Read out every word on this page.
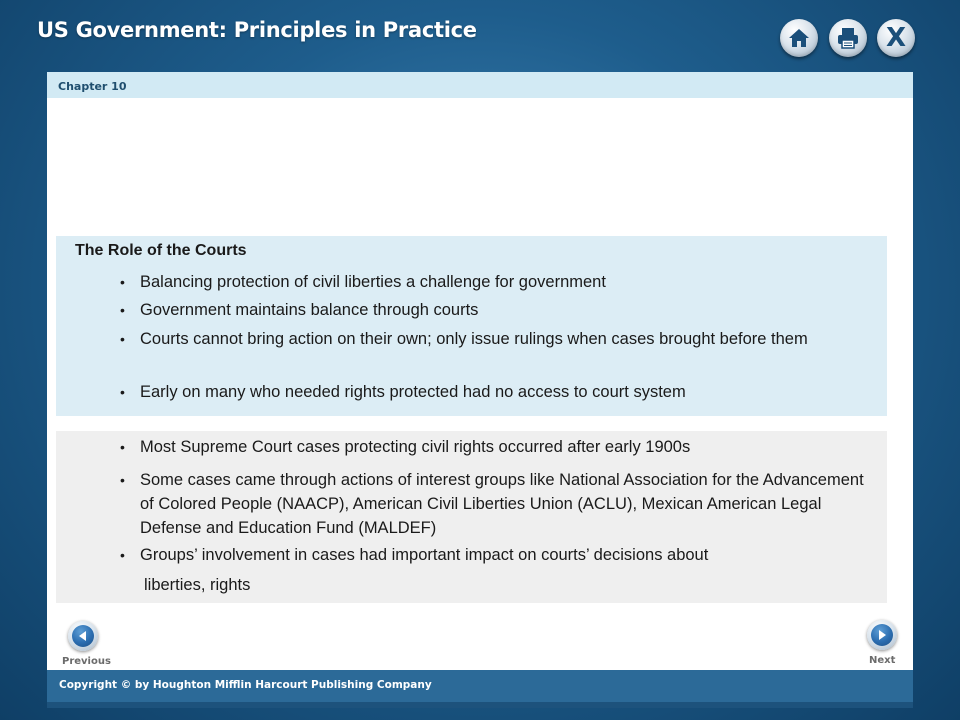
US Government: Principles in Practice	X
Chapter 10
The Role of the Courts
• Balancing protection of civil liberties a challenge for government
• Government maintains balance through courts
• Courts cannot bring action on their own; only issue rulings when cases brought before them
• Early on many who needed rights protected had no access to court system
• Most Supreme Court cases protecting civil rights occurred after early 1900s
• Some cases came through actions of interest groups like National Association for the Advancement of Colored People (NAACP), American Civil Liberties Union (ACLU), Mexican American Legal Defense and Education Fund (MALDEF)
• Groups’ involvement in cases had important impact on courts’ decisions about
liberties, rights
Previous	Next
Copyright © by Houghton Mifflin Harcourt Publishing Company
